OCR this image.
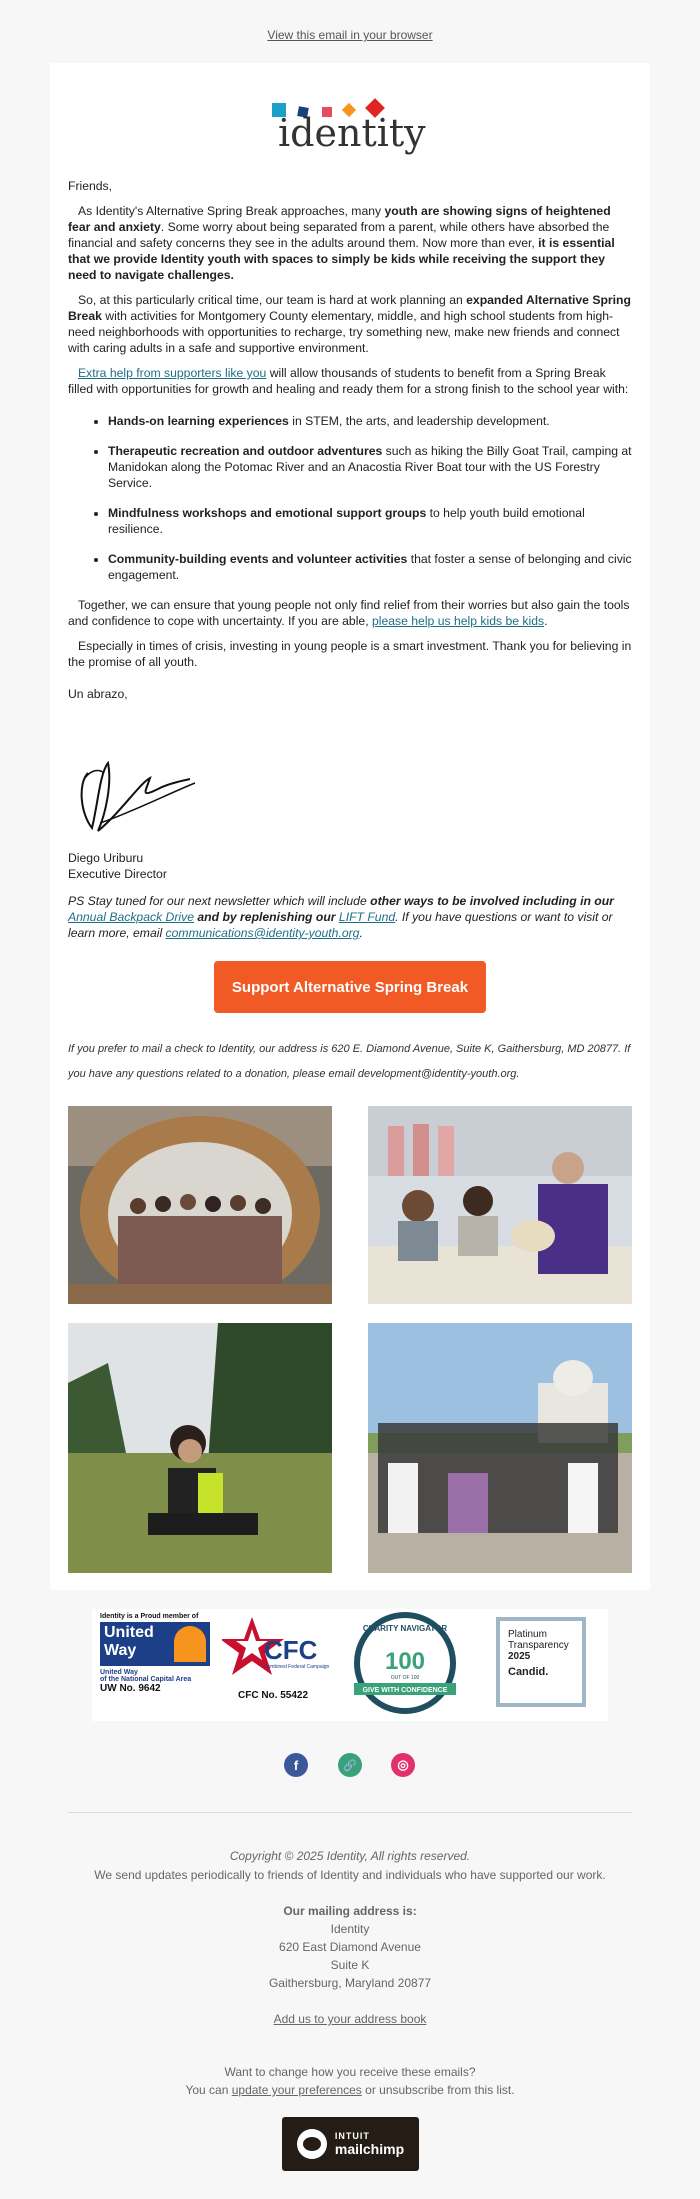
View this email in your browser
identity

Friends,

As Identity's Alternative Spring Break approaches, many youth are showing signs of heightened fear and anxiety. Some worry about being separated from a parent, while others have absorbed the financial and safety concerns they see in the adults around them. Now more than ever, it is essential that we provide Identity youth with spaces to simply be kids while receiving the support they need to navigate challenges.

So, at this particularly critical time, our team is hard at work planning an expanded Alternative Spring Break with activities for Montgomery County elementary, middle, and high school students from high-need neighborhoods with opportunities to recharge, try something new, make new friends and connect with caring adults in a safe and supportive environment.

Extra help from supporters like you will allow thousands of students to benefit from a Spring Break filled with opportunities for growth and healing and ready them for a strong finish to the school year with:

• Hands-on learning experiences in STEM, the arts, and leadership development.
• Therapeutic recreation and outdoor adventures such as hiking the Billy Goat Trail, camping at Manidokan along the Potomac River and an Anacostia River Boat tour with the US Forestry Service.
• Mindfulness workshops and emotional support groups to help youth build emotional resilience.
• Community-building events and volunteer activities that foster a sense of belonging and civic engagement.

Together, we can ensure that young people not only find relief from their worries but also gain the tools and confidence to cope with uncertainty. If you are able, please help us help kids be kids.

Especially in times of crisis, investing in young people is a smart investment. Thank you for believing in the promise of all youth.

Un abrazo,

Diego Uriburu

Executive Director

PS Stay tuned for our next newsletter which will include other ways to be involved including in our Annual Backpack Drive and by replenishing our LIFT Fund. If you have questions or want to visit or learn more, email communications@identity-youth.org.

Support Alternative Spring Break
If you prefer to mail a check to Identity, our address is 620 E. Diamond Avenue, Suite K, Gaithersburg, MD 20877. If you have any questions related to a donation, please email development@identity-youth.org.
Identity is a Proud member of
United
Way
United Way
of the National Capital Area
UW No. 9642
CFC
Combined Federal Campaign
CFC No. 55422
CHARITY NAVIGATOR
100
OUT OF 100
GIVE WITH CONFIDENCE
Platinum
Transparency
2025
Candid.
f	🔗	◎
Copyright © 2025 Identity, All rights reserved.
We send updates periodically to friends of Identity and individuals who have supported our work.
Our mailing address is:
Identity
620 East Diamond Avenue
Suite K
Gaithersburg, Maryland 20877
Add us to your address book
Want to change how you receive these emails?
You can update your preferences or unsubscribe from this list.
INTUIT
mailchimp
